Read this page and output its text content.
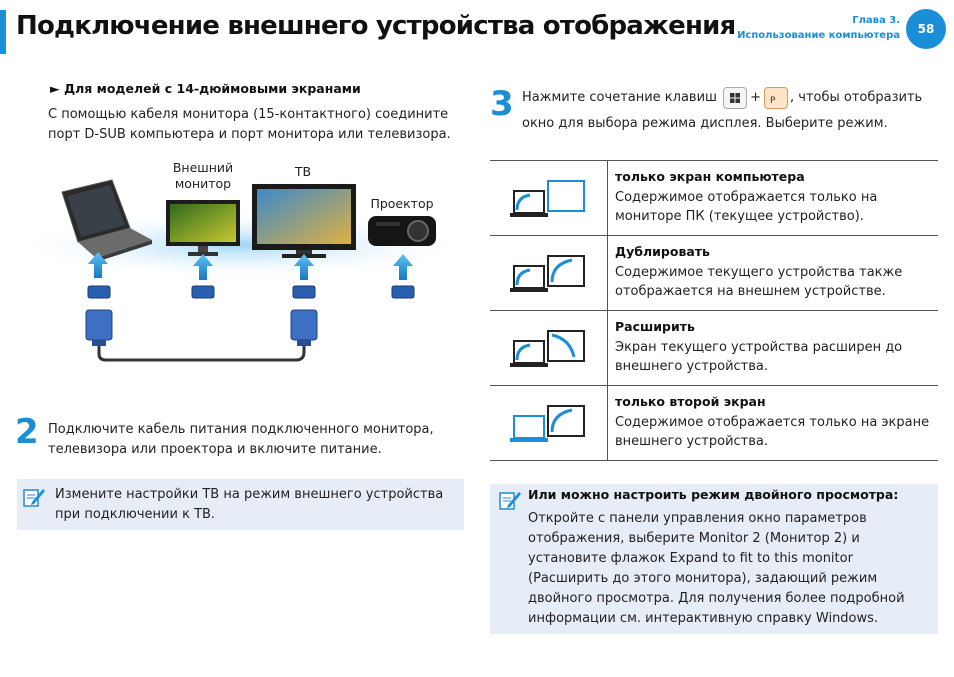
Подключение внешнего устройства отображения	Глава 3.
Использование компьютера	58
► Для моделей с 14-дюймовыми экранами

С помощью кабеля монитора (15-контактного) соедините порт D-SUB компьютера и порт монитора или телевизора.

Внешний монитор
ТВ
Проектор
2 Подключите кабель питания подключенного монитора, телевизора или проектора и включите питание.

Измените настройки ТВ на режим внешнего устройства при подключении к ТВ.
3 Нажмите сочетание клавиш	+ P , чтобы отобразить окно для выбора режима дисплея. Выберите режим.

только экран компьютера
Содержимое отображается только на мониторе ПК (текущее устройство).
Дублировать
Содержимое текущего устройства также отображается на внешнем устройстве.
Расширить
Экран текущего устройства расширен до внешнего устройства.
только второй экран
Содержимое отображается только на экране внешнего устройства.
Или можно настроить режим двойного просмотра:
Откройте с панели управления окно параметров отображения, выберите Monitor 2 (Монитор 2) и установите флажок Expand to fit to this monitor (Расширить до этого монитора), задающий режим двойного просмотра. Для получения более подробной информации см. интерактивную справку Windows.
